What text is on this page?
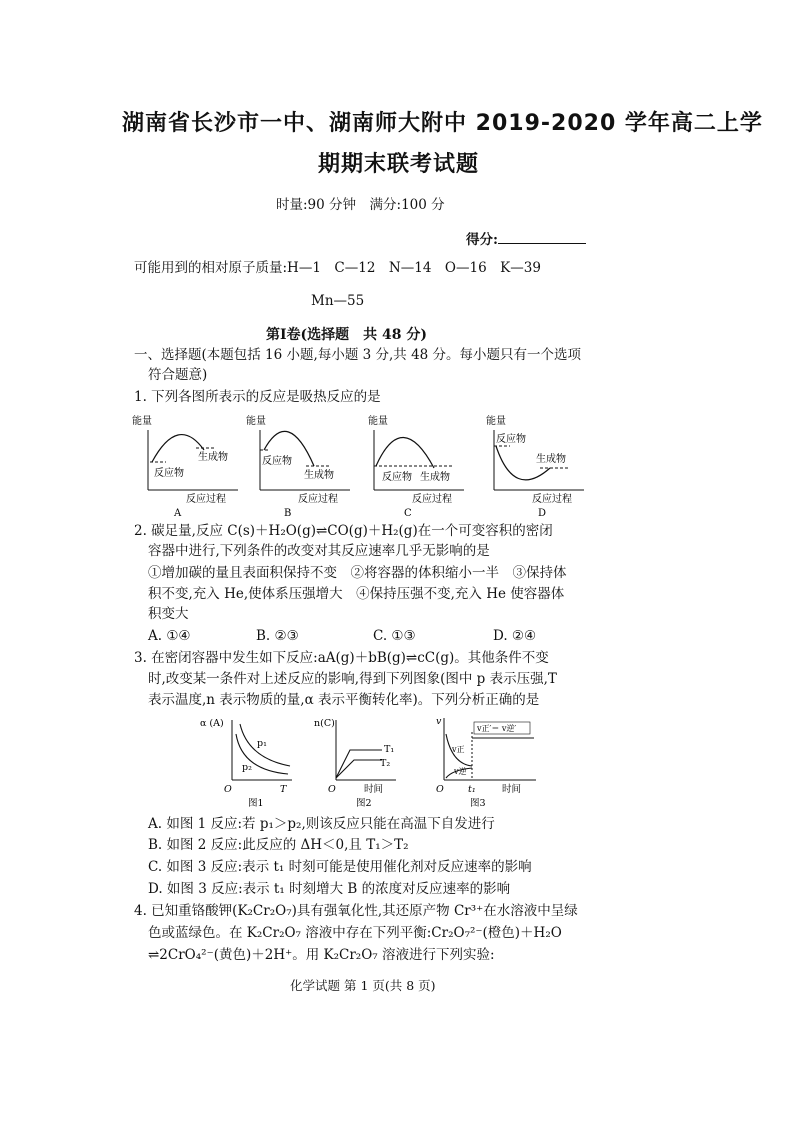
湖南省长沙市一中、湖南师大附中 2019-2020 学年高二上学
期期末联考试题
时量:90 分钟　满分:100 分
得分:
可能用到的相对原子质量:H—1　C—12　N—14　O—16　K—39
Mn—55
第Ⅰ卷(选择题　共 48 分)
一、选择题(本题包括 16 小题,每小题 3 分,共 48 分。每小题只有一个选项
符合题意)
1. 下列各图所表示的反应是吸热反应的是
能量
反应物
生成物
反应过程
A
能量
反应物
生成物
反应过程
B
能量
反应物 生成物
反应过程
C
能量
反应物
生成物
反应过程
D
2. 碳足量,反应 C(s)＋H₂O(g)⇌CO(g)＋H₂(g)在一个可变容积的密闭
容器中进行,下列条件的改变对其反应速率几乎无影响的是
①增加碳的量且表面积保持不变　②将容器的体积缩小一半　③保持体
积不变,充入 He,使体系压强增大　④保持压强不变,充入 He 使容器体
积变大
A. ①④	B. ②③	C. ①③	D. ②④
3. 在密闭容器中发生如下反应:aA(g)＋bB(g)⇌cC(g)。其他条件不变
时,改变某一条件对上述反应的影响,得到下列图象(图中 p 表示压强,T
表示温度,n 表示物质的量,α 表示平衡转化率)。下列分析正确的是
α (A)
p₁
p₂
O	T
图1
n(C)
T₁
T₂
O	时间
图2
v
v正′＝ v逆′
v正
v逆
O	t₁	时间
图3
A. 如图 1 反应:若 p₁＞p₂,则该反应只能在高温下自发进行
B. 如图 2 反应:此反应的 ΔH＜0,且 T₁＞T₂
C. 如图 3 反应:表示 t₁ 时刻可能是使用催化剂对反应速率的影响
D. 如图 3 反应:表示 t₁ 时刻增大 B 的浓度对反应速率的影响
4. 已知重铬酸钾(K₂Cr₂O₇)具有强氧化性,其还原产物 Cr³⁺在水溶液中呈绿
色或蓝绿色。在 K₂Cr₂O₇ 溶液中存在下列平衡:Cr₂O₇²⁻(橙色)＋H₂O
⇌2CrO₄²⁻(黄色)＋2H⁺。用 K₂Cr₂O₇ 溶液进行下列实验:
化学试题 第 1 页(共 8 页)
